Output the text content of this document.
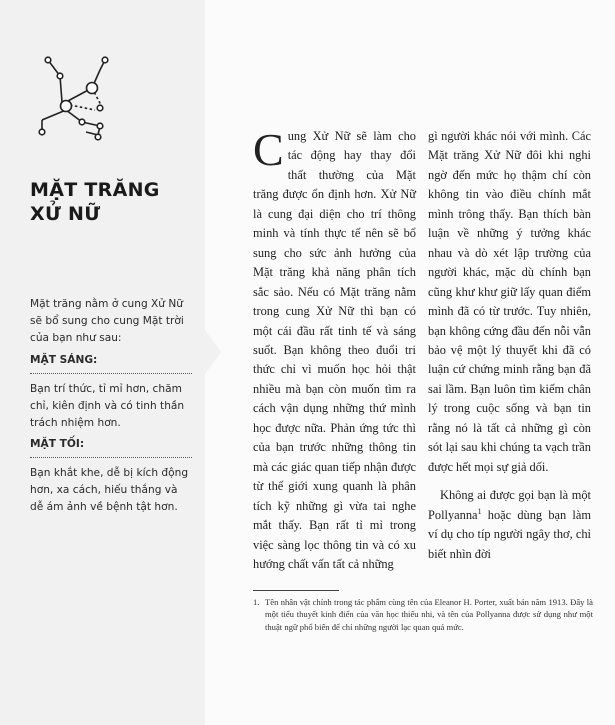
MẶT TRĂNG
XỬ NỮ
Mặt trăng nằm ở cung Xử Nữ sẽ bổ sung cho cung Mặt trời của bạn như sau:
MẶT SÁNG:
Bạn trí thức, tỉ mỉ hơn, chăm chỉ, kiên định và có tinh thần trách nhiệm hơn.
MẶT TỐI:
Bạn khắt khe, dễ bị kích động hơn, xa cách, hiếu thắng và dễ ám ảnh về bệnh tật hơn.

Cung Xử Nữ sẽ làm cho tác động hay thay đổi thất thường của Mặt trăng được ổn định hơn. Xử Nữ là cung đại diện cho trí thông minh và tính thực tế nên sẽ bổ sung cho sức ảnh hưởng của Mặt trăng khả năng phân tích sắc sảo. Nếu có Mặt trăng nằm trong cung Xử Nữ thì bạn có một cái đầu rất tinh tế và sáng suốt. Bạn không theo đuổi tri thức chỉ vì muốn học hỏi thật nhiều mà bạn còn muốn tìm ra cách vận dụng những thứ mình học được nữa. Phản ứng tức thì của bạn trước những thông tin mà các giác quan tiếp nhận được từ thế giới xung quanh là phân tích kỹ những gì vừa tai nghe mắt thấy. Bạn rất tỉ mỉ trong việc sàng lọc thông tin và có xu hướng chất vấn tất cả những

gì người khác nói với mình. Các Mặt trăng Xử Nữ đôi khi nghi ngờ đến mức họ thậm chí còn không tin vào điều chính mắt mình trông thấy. Bạn thích bàn luận về những ý tưởng khác nhau và dò xét lập trường của người khác, mặc dù chính bạn cũng khư khư giữ lấy quan điểm mình đã có từ trước. Tuy nhiên, bạn không cứng đầu đến nỗi vẫn bảo vệ một lý thuyết khi đã có luận cứ chứng minh rằng bạn đã sai lầm. Bạn luôn tìm kiếm chân lý trong cuộc sống và bạn tin rằng nó là tất cả những gì còn sót lại sau khi chúng ta vạch trần được hết mọi sự giả dối.

Không ai được gọi bạn là một Pollyanna$^1$ hoặc dùng bạn làm ví dụ cho típ người ngây thơ, chỉ biết nhìn đời

1. Tên nhân vật chính trong tác phẩm cùng tên của Eleanor H. Porter, xuất bản năm 1913. Đây là một tiểu thuyết kinh điển của văn học thiếu nhi, và tên của Pollyanna được sử dụng như một thuật ngữ phổ biến để chỉ những người lạc quan quá mức.
